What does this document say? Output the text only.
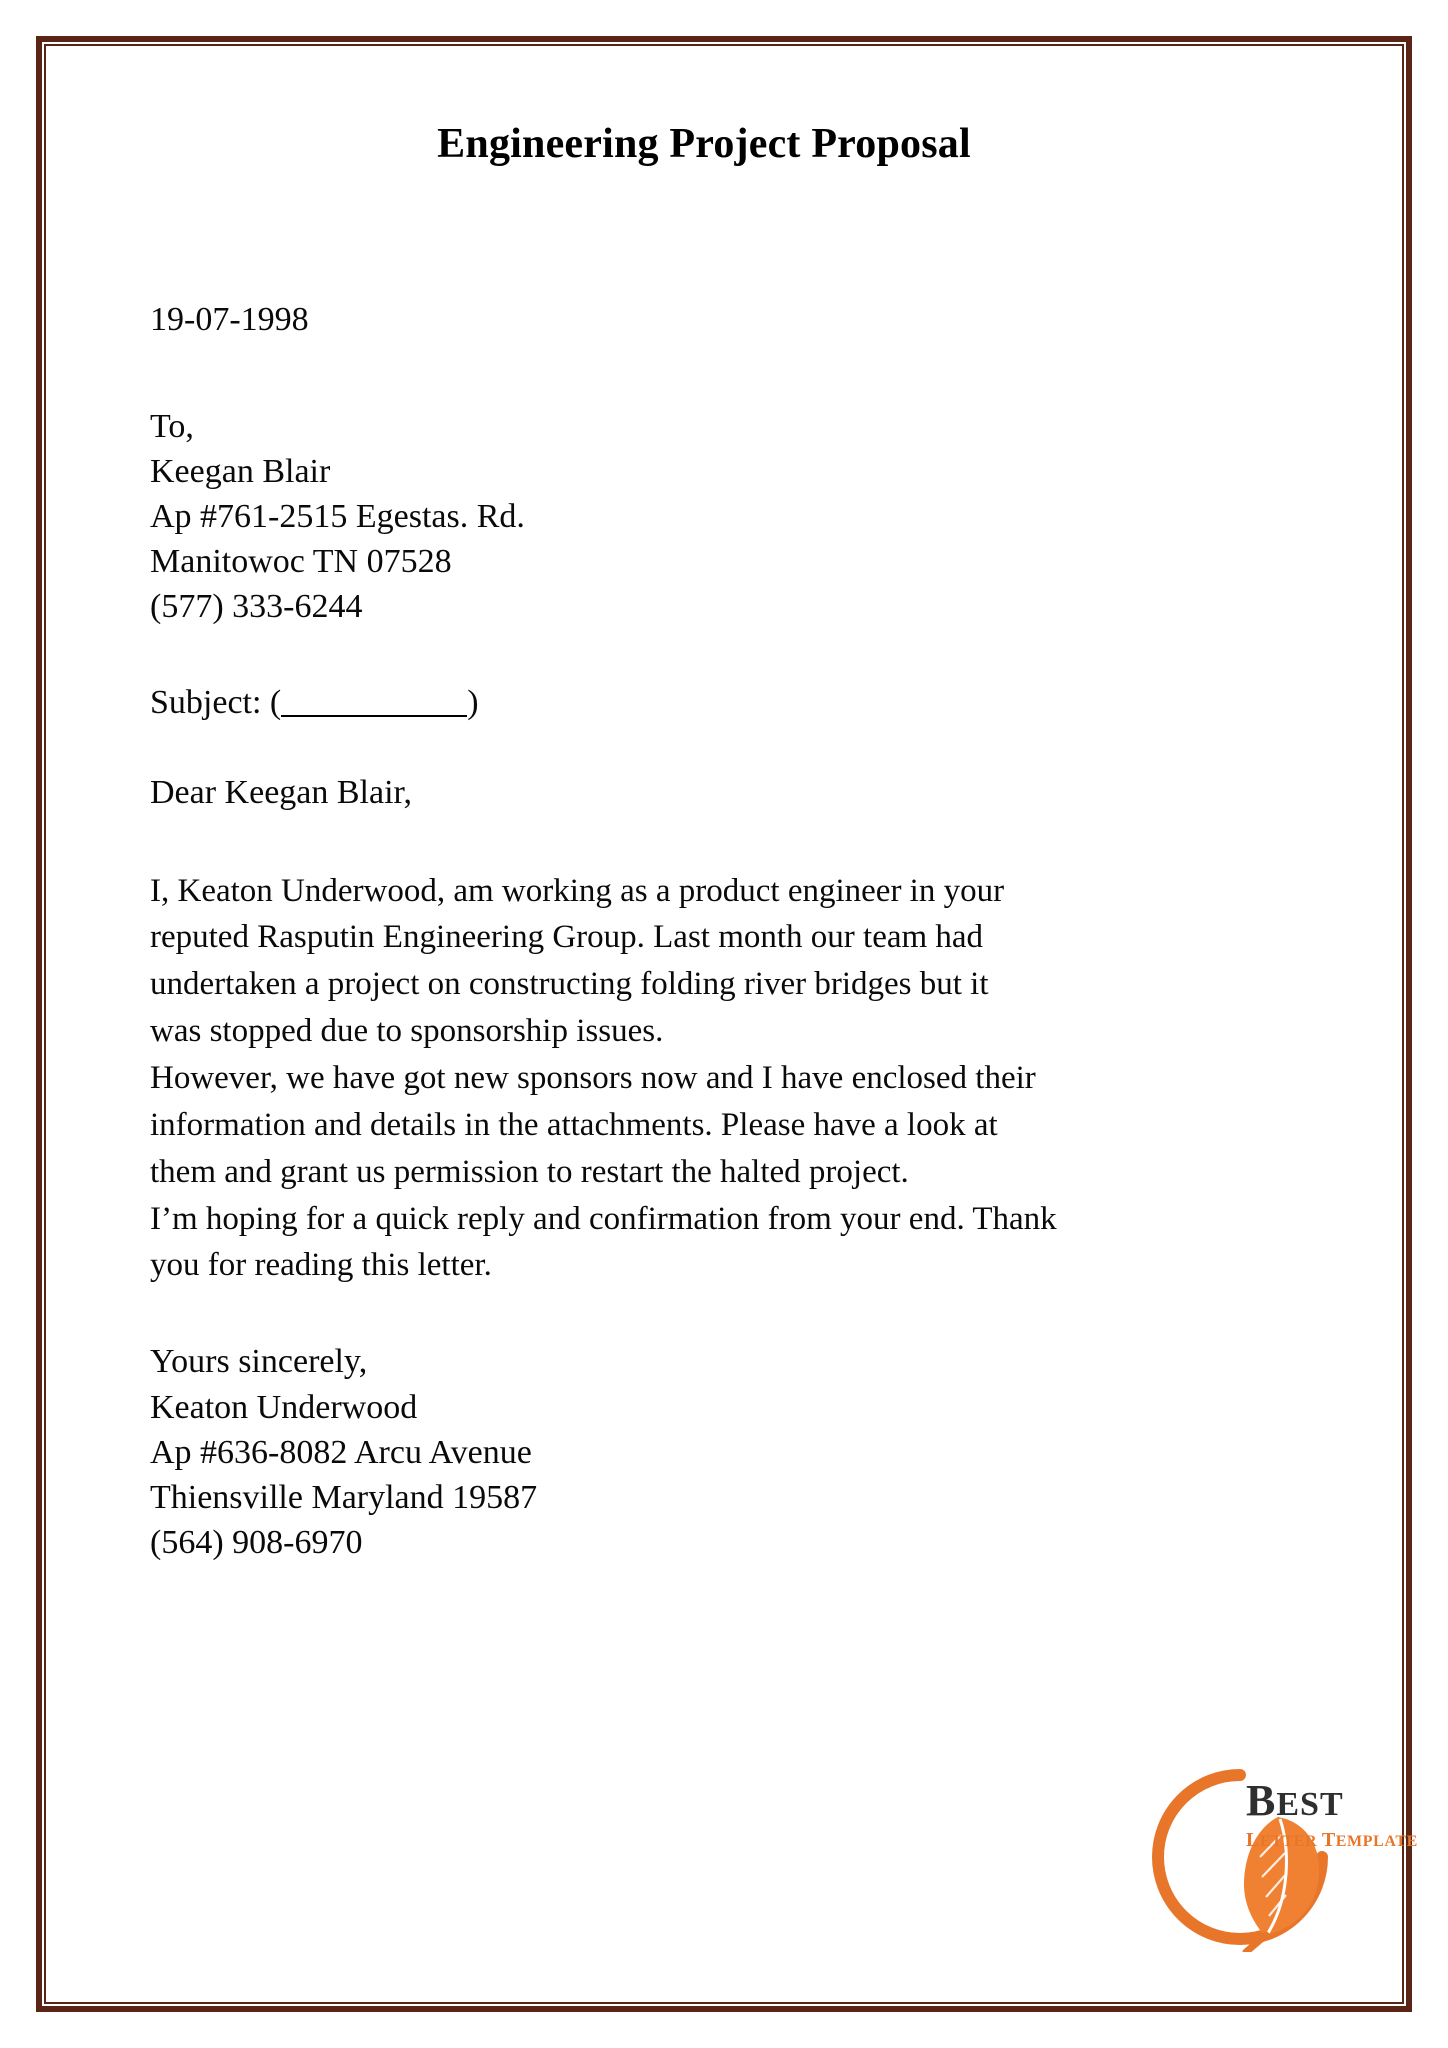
Engineering Project Proposal
19-07-1998
To,
Keegan Blair
Ap #761-2515 Egestas. Rd.
Manitowoc TN 07528
(577) 333-6244
Subject: (	)
Dear Keegan Blair,

I, Keaton Underwood, am working as a product engineer in your
reputed Rasputin Engineering Group. Last month our team had
undertaken a project on constructing folding river bridges but it
was stopped due to sponsorship issues.
However, we have got new sponsors now and I have enclosed their
information and details in the attachments. Please have a look at
them and grant us permission to restart the halted project.
I’m hoping for a quick reply and confirmation from your end. Thank
you for reading this letter.

Yours sincerely,
Keaton Underwood
Ap #636-8082 Arcu Avenue
Thiensville Maryland 19587
(564) 908-6970
BEST
LETTER TEMPLATE
